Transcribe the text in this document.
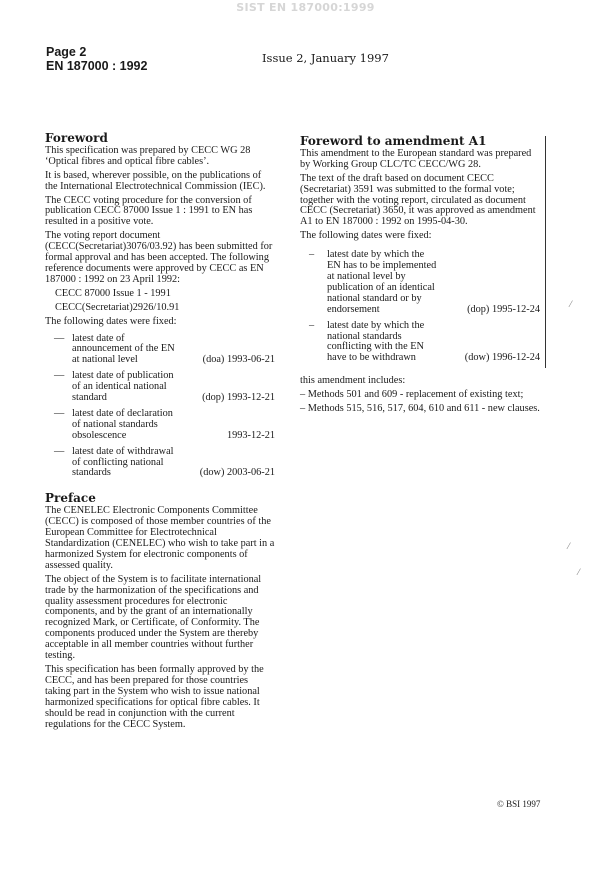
SIST EN 187000:1999
Page 2
EN 187000 : 1992
Issue 2, January 1997
Foreword

This specification was prepared by CECC WG 28 ‘Optical fibres and optical fibre cables’.

It is based, wherever possible, on the publications of the International Electrotechnical Commission (IEC).

The CECC voting procedure for the conversion of publication CECC 87000 Issue 1 : 1991 to EN has resulted in a positive vote.

The voting report document (CECC(Secretariat)3076/03.92) has been submitted for formal approval and has been accepted. The following reference documents were approved by CECC as EN 187000 : 1992 on 23 April 1992:

CECC 87000 Issue 1 - 1991

CECC(Secretariat)2926/10.91

The following dates were fixed:

— latest date of
announcement of the EN
at national level	(doa) 1993-06-21
— latest date of publication
of an identical national
standard	(dop) 1993-12-21
— latest date of declaration
of national standards
obsolescence	1993-12-21
— latest date of withdrawal
of conflicting national
standards	(dow) 2003-06-21
Preface

The CENELEC Electronic Components Committee (CECC) is composed of those member countries of the European Committee for Electrotechnical Standardization (CENELEC) who wish to take part in a harmonized System for electronic components of assessed quality.

The object of the System is to facilitate international trade by the harmonization of the specifications and quality assessment procedures for electronic components, and by the grant of an internationally recognized Mark, or Certificate, of Conformity. The components produced under the System are thereby acceptable in all member countries without further testing.

This specification has been formally approved by the CECC, and has been prepared for those countries taking part in the System who wish to issue national harmonized specifications for optical fibre cables. It should be read in conjunction with the current regulations for the CECC System.

Foreword to amendment A1

This amendment to the European standard was prepared by Working Group CLC/TC CECC/WG 28.

The text of the draft based on document CECC (Secretariat) 3591 was submitted to the formal vote; together with the voting report, circulated as document CECC (Secretariat) 3650, it was approved as amendment A1 to EN 187000 : 1992 on 1995-04-30.

The following dates were fixed:

– latest date by which the
EN has to be implemented
at national level by
publication of an identical
national standard or by
endorsement	(dop) 1995-12-24
– latest date by which the
national standards
conflicting with the EN
have to be withdrawn	(dow) 1996-12-24

this amendment includes:

– Methods 501 and 609 - replacement of existing text;

– Methods 515, 516, 517, 604, 610 and 611 - new clauses.

© BSI 1997
⁄
⁄
⁄
